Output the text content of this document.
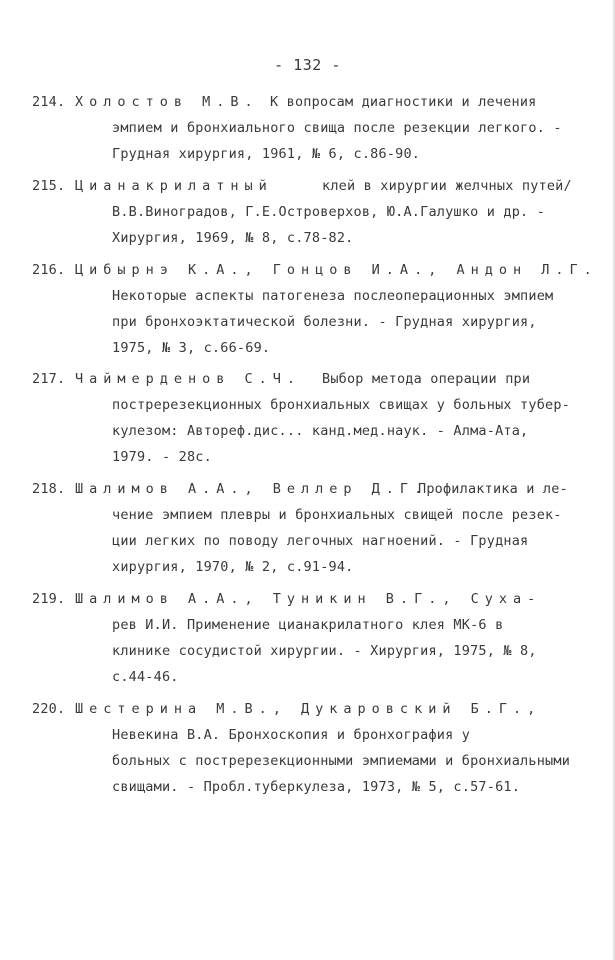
- 132 -
214. Холостов М.В. К вопросам диагностики и лечения
эмпием и бронхиального свища после резекции легкого. -
Грудная хирургия, 1961, № 6, с.86-90.
215. Цианакрилатный	клей в хирургии желчных путей/
В.В.Виноградов, Г.Е.Островерхов, Ю.А.Галушко и др. -
Хирургия, 1969, № 8, с.78-82.
216. Цибырнэ К.А., Гонцов И.А., Андон Л.Г.
Некоторые аспекты патогенеза послеоперационных эмпием
при бронхоэктатической болезни. - Грудная хирургия,
1975, № 3, с.66-69.
217. Чаймерденов С.Ч. Выбор метода операции при
постререзекционных бронхиальных свищах у больных тубер-
кулезом: Автореф.дис... канд.мед.наук. - Алма-Ата,
1979. - 28с.
218. Шалимов А.А., Веллер Д.Г.
Профилактика и ле-
чение эмпием плевры и бронхиальных свищей после резек-
ции легких по поводу легочных нагноений. - Грудная
хирургия, 1970, № 2, с.91-94.
219. Шалимов А.А., Туникин В.Г., Суха-
рев И.И. Применение цианакрилатного клея МК-6 в
клинике сосудистой хирургии. - Хирургия, 1975, № 8,
с.44-46.
220. Шестерина М.В., Дукаровский Б.Г.,
Невекина В.А. Бронхоскопия и бронхография у
больных с постререзекционными эмпиемами и бронхиальными
свищами. - Пробл.туберкулеза, 1973, № 5, с.57-61.
